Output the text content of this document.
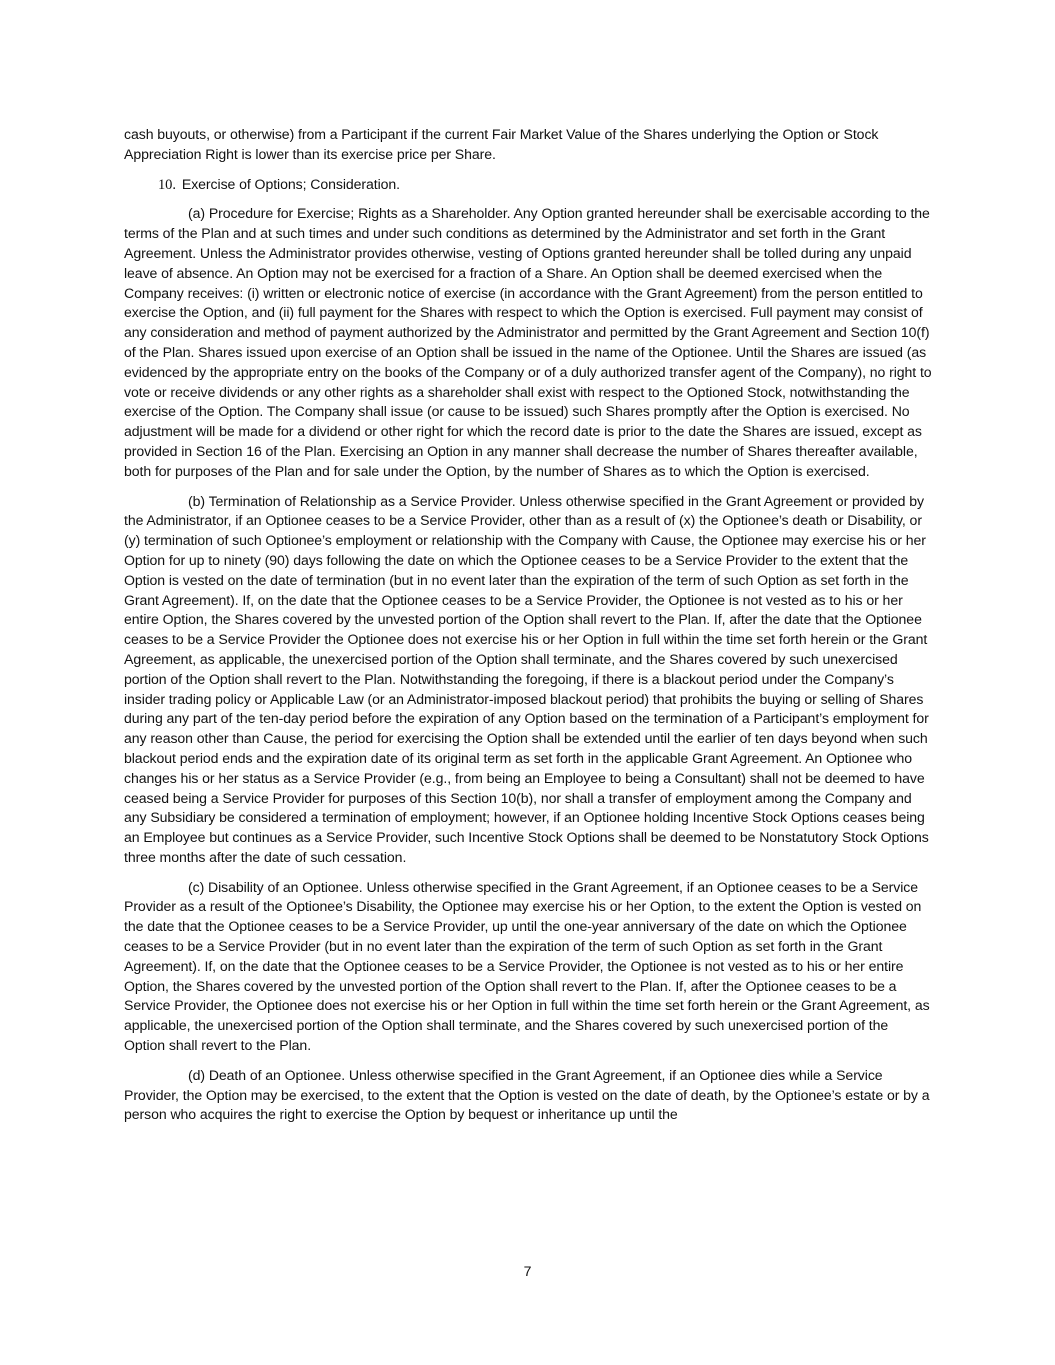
cash buyouts, or otherwise) from a Participant if the current Fair Market Value of the Shares underlying the Option or Stock Appreciation Right is lower than its exercise price per Share.

10. Exercise of Options; Consideration.

(a) Procedure for Exercise; Rights as a Shareholder. Any Option granted hereunder shall be exercisable according to the terms of the Plan and at such times and under such conditions as determined by the Administrator and set forth in the Grant Agreement. Unless the Administrator provides otherwise, vesting of Options granted hereunder shall be tolled during any unpaid leave of absence. An Option may not be exercised for a fraction of a Share. An Option shall be deemed exercised when the Company receives: (i) written or electronic notice of exercise (in accordance with the Grant Agreement) from the person entitled to exercise the Option, and (ii) full payment for the Shares with respect to which the Option is exercised. Full payment may consist of any consideration and method of payment authorized by the Administrator and permitted by the Grant Agreement and Section 10(f) of the Plan. Shares issued upon exercise of an Option shall be issued in the name of the Optionee. Until the Shares are issued (as evidenced by the appropriate entry on the books of the Company or of a duly authorized transfer agent of the Company), no right to vote or receive dividends or any other rights as a shareholder shall exist with respect to the Optioned Stock, notwithstanding the exercise of the Option. The Company shall issue (or cause to be issued) such Shares promptly after the Option is exercised. No adjustment will be made for a dividend or other right for which the record date is prior to the date the Shares are issued, except as provided in Section 16 of the Plan. Exercising an Option in any manner shall decrease the number of Shares thereafter available, both for purposes of the Plan and for sale under the Option, by the number of Shares as to which the Option is exercised.

(b) Termination of Relationship as a Service Provider. Unless otherwise specified in the Grant Agreement or provided by the Administrator, if an Optionee ceases to be a Service Provider, other than as a result of (x) the Optionee’s death or Disability, or (y) termination of such Optionee’s employment or relationship with the Company with Cause, the Optionee may exercise his or her Option for up to ninety (90) days following the date on which the Optionee ceases to be a Service Provider to the extent that the Option is vested on the date of termination (but in no event later than the expiration of the term of such Option as set forth in the Grant Agreement). If, on the date that the Optionee ceases to be a Service Provider, the Optionee is not vested as to his or her entire Option, the Shares covered by the unvested portion of the Option shall revert to the Plan. If, after the date that the Optionee ceases to be a Service Provider the Optionee does not exercise his or her Option in full within the time set forth herein or the Grant Agreement, as applicable, the unexercised portion of the Option shall terminate, and the Shares covered by such unexercised portion of the Option shall revert to the Plan. Notwithstanding the foregoing, if there is a blackout period under the Company’s insider trading policy or Applicable Law (or an Administrator-imposed blackout period) that prohibits the buying or selling of Shares during any part of the ten-day period before the expiration of any Option based on the termination of a Participant’s employment for any reason other than Cause, the period for exercising the Option shall be extended until the earlier of ten days beyond when such blackout period ends and the expiration date of its original term as set forth in the applicable Grant Agreement. An Optionee who changes his or her status as a Service Provider (e.g., from being an Employee to being a Consultant) shall not be deemed to have ceased being a Service Provider for purposes of this Section 10(b), nor shall a transfer of employment among the Company and any Subsidiary be considered a termination of employment; however, if an Optionee holding Incentive Stock Options ceases being an Employee but continues as a Service Provider, such Incentive Stock Options shall be deemed to be Nonstatutory Stock Options three months after the date of such cessation.

(c) Disability of an Optionee. Unless otherwise specified in the Grant Agreement, if an Optionee ceases to be a Service Provider as a result of the Optionee’s Disability, the Optionee may exercise his or her Option, to the extent the Option is vested on the date that the Optionee ceases to be a Service Provider, up until the one-year anniversary of the date on which the Optionee ceases to be a Service Provider (but in no event later than the expiration of the term of such Option as set forth in the Grant Agreement). If, on the date that the Optionee ceases to be a Service Provider, the Optionee is not vested as to his or her entire Option, the Shares covered by the unvested portion of the Option shall revert to the Plan. If, after the Optionee ceases to be a Service Provider, the Optionee does not exercise his or her Option in full within the time set forth herein or the Grant Agreement, as applicable, the unexercised portion of the Option shall terminate, and the Shares covered by such unexercised portion of the Option shall revert to the Plan.

(d) Death of an Optionee. Unless otherwise specified in the Grant Agreement, if an Optionee dies while a Service Provider, the Option may be exercised, to the extent that the Option is vested on the date of death, by the Optionee’s estate or by a person who acquires the right to exercise the Option by bequest or inheritance up until the

7
